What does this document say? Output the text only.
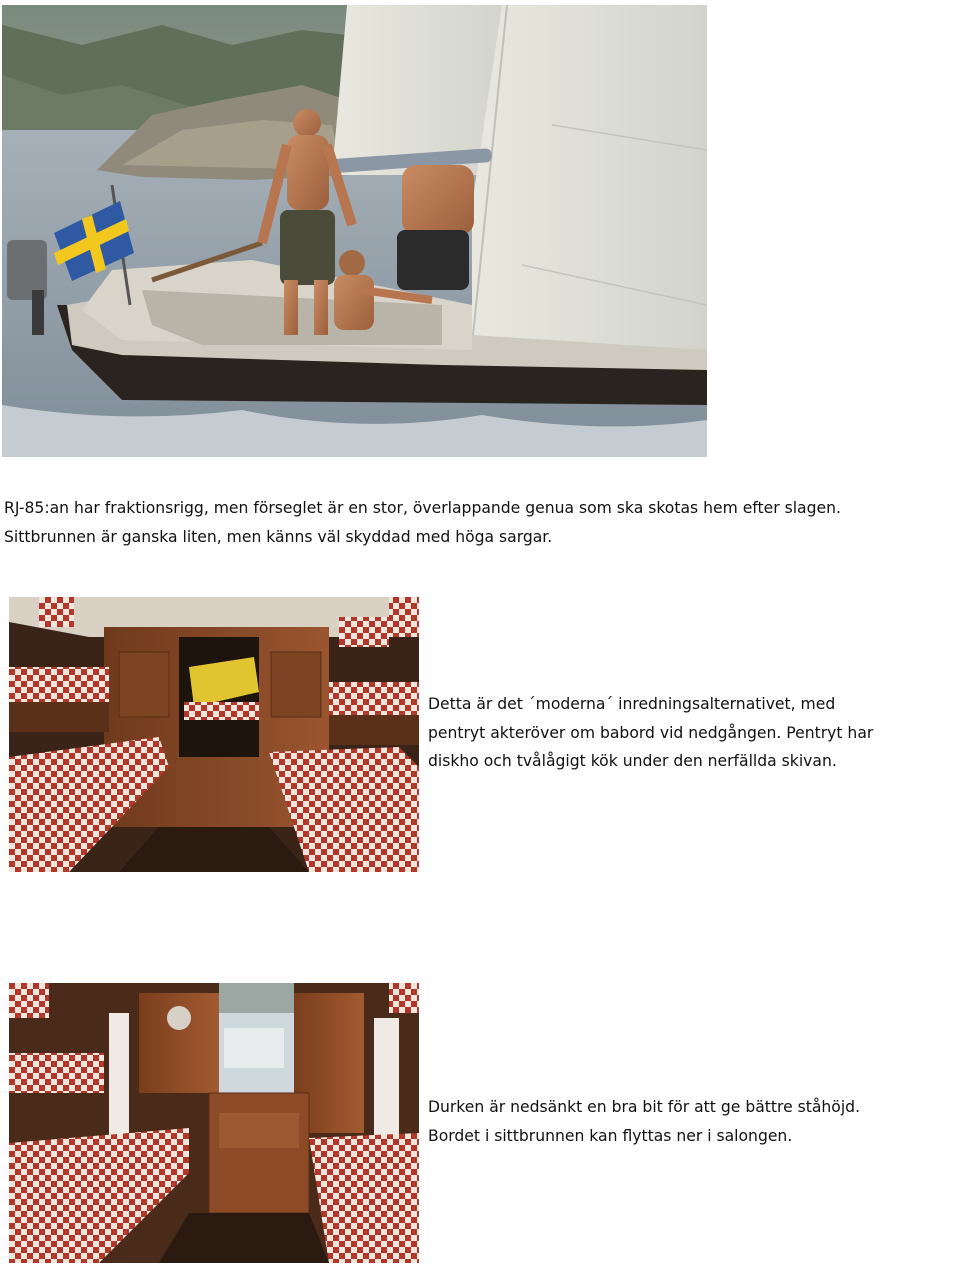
RJ-85:an har fraktionsrigg, men förseglet är en stor, överlappande genua som ska skotas hem efter slagen.
Sittbrunnen är ganska liten, men känns väl skyddad med höga sargar.
Detta är det ´moderna´ inredningsalternativet, med
pentryt akteröver om babord vid nedgången. Pentryt har
diskho och tvålågigt kök under den nerfällda skivan.
Durken är nedsänkt en bra bit för att ge bättre ståhöjd.
Bordet i sittbrunnen kan flyttas ner i salongen.
